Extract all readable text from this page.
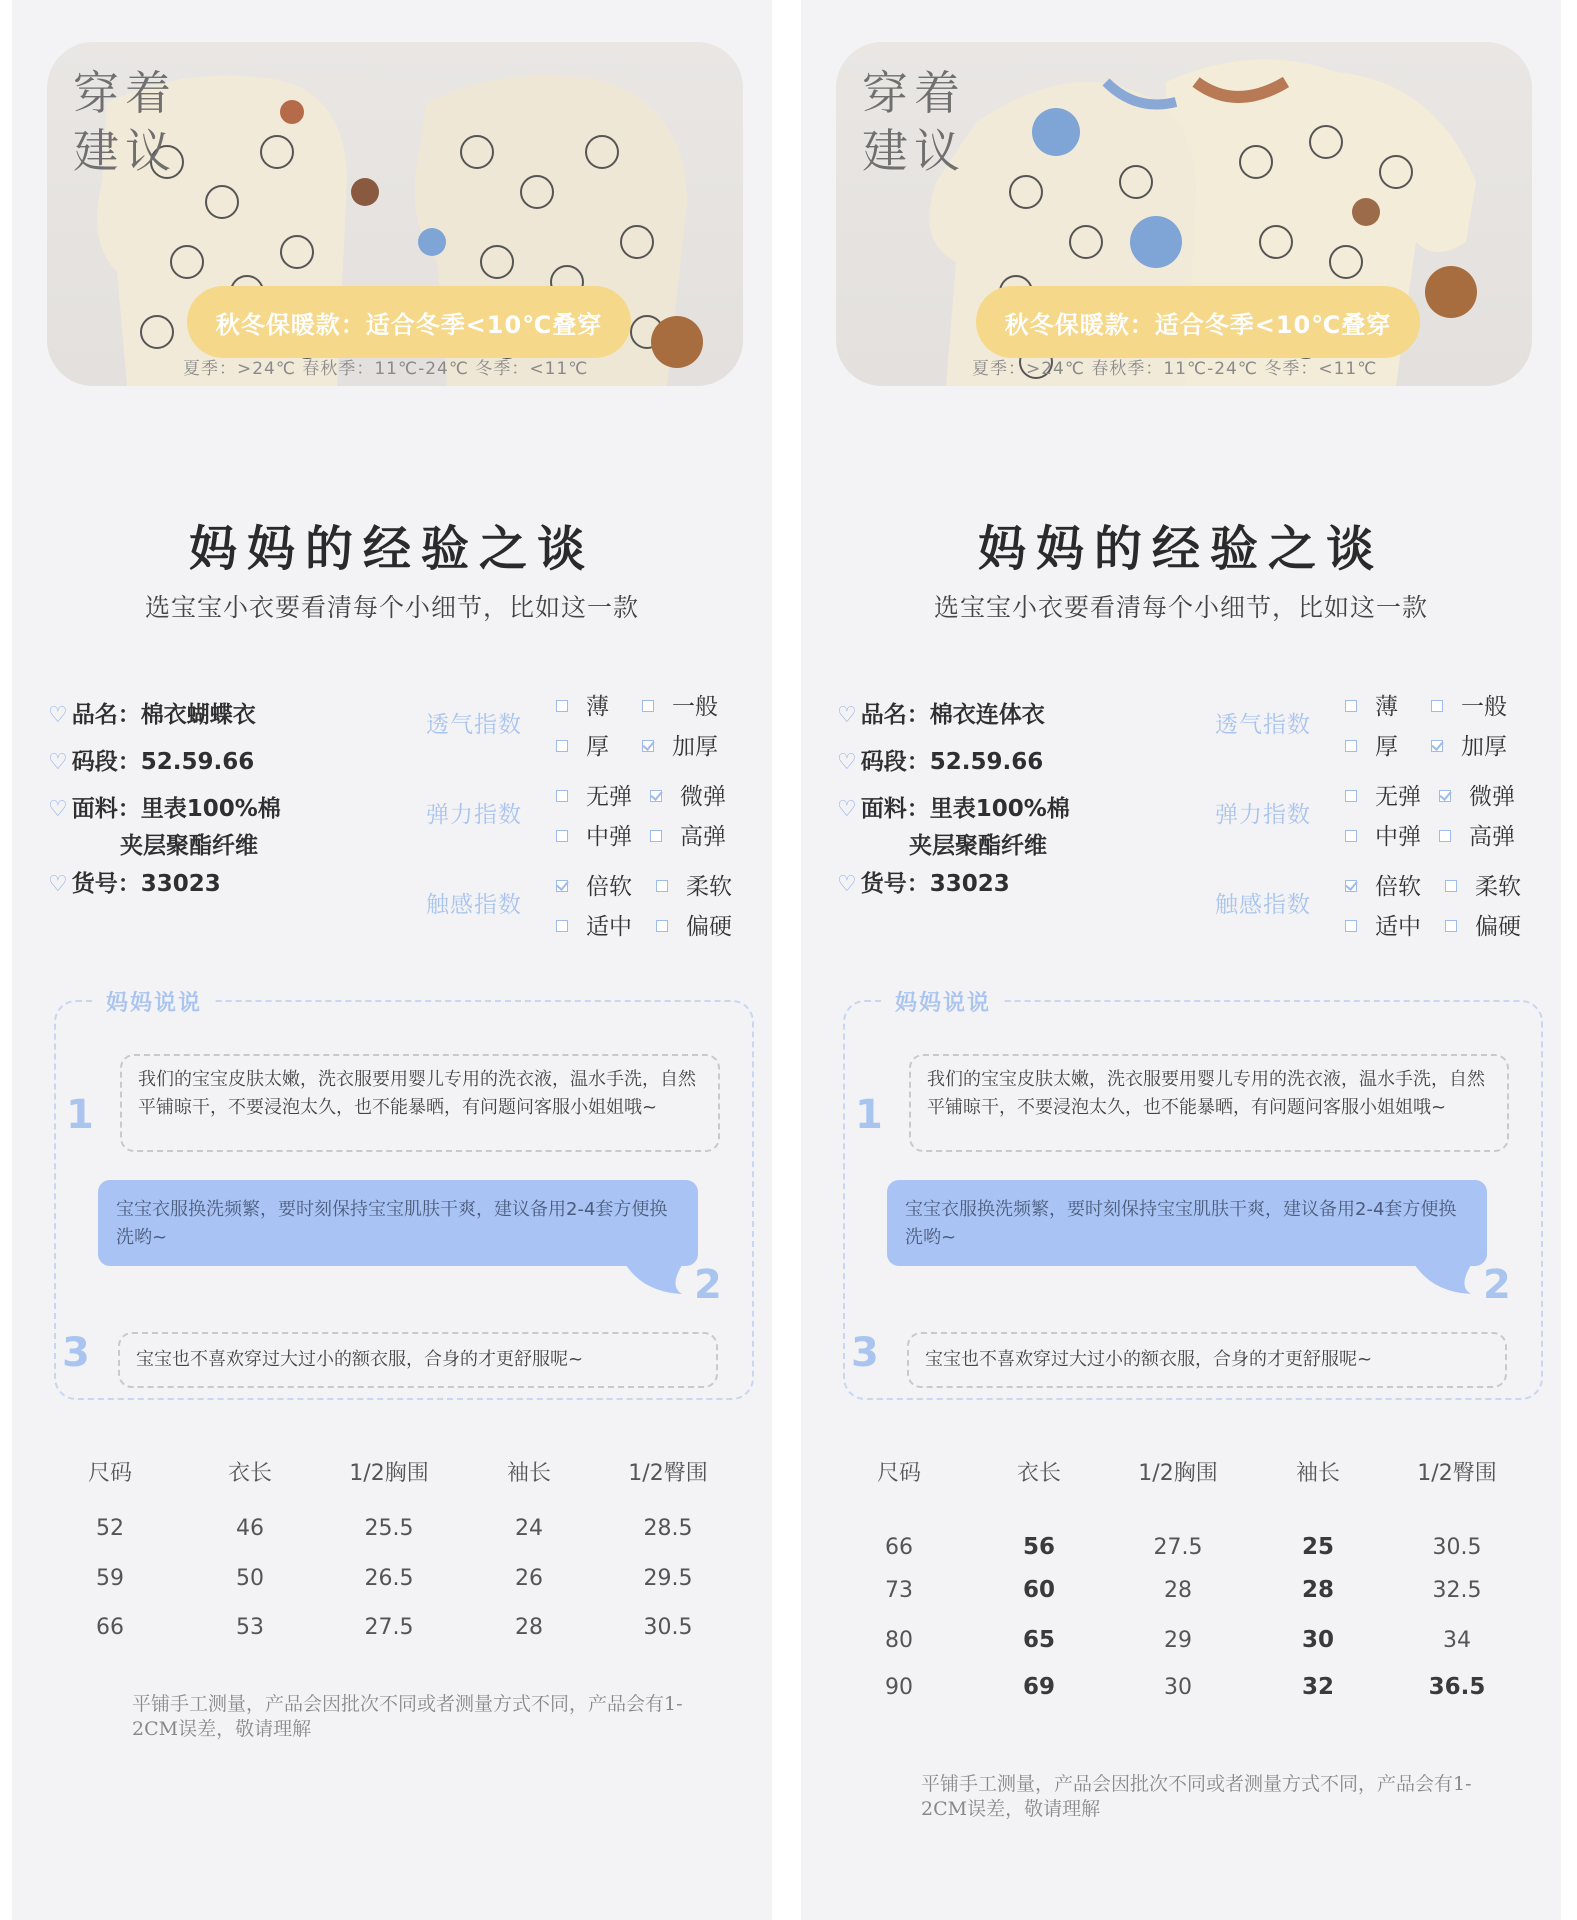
穿着建议
秋冬保暖款：适合冬季<10℃叠穿
夏季：>24℃ 春秋季：11℃-24℃ 冬季：<11℃
妈妈的经验之谈
选宝宝小衣要看清每个小细节，比如这一款
♡ 品名：棉衣蝴蝶衣
♡ 码段：52.59.66
♡ 面料：里表100%棉
夹层聚酯纤维
♡ 货号：33023
透气指数
薄	一般
厚	加厚
弹力指数
无弹	微弹
中弹	高弹
触感指数
倍软	柔软
适中	偏硬
妈妈说说
1
我们的宝宝皮肤太嫩，洗衣服要用婴儿专用的洗衣液，温水手洗，自然平铺晾干，不要浸泡太久，也不能暴晒，有问题问客服小姐姐哦~
宝宝衣服换洗频繁，要时刻保持宝宝肌肤干爽，建议备用2-4套方便换洗哟~
2
3	宝宝也不喜欢穿过大过小的额衣服，合身的才更舒服呢~
尺码	衣长	1/2胸围	袖长	1/2臀围
52	46	25.5	24	28.5
59	50	26.5	26	29.5
66	53	27.5	28	30.5
平铺手工测量，产品会因批次不同或者测量方式不同，产品会有1-2CM误差，敬请理解
穿着建议
秋冬保暖款：适合冬季<10℃叠穿
夏季：>24℃ 春秋季：11℃-24℃ 冬季：<11℃
妈妈的经验之谈
选宝宝小衣要看清每个小细节，比如这一款
♡ 品名：棉衣连体衣
♡ 码段：52.59.66
♡ 面料：里表100%棉
夹层聚酯纤维
♡ 货号：33023
透气指数
薄	一般
厚	加厚
弹力指数
无弹	微弹
中弹	高弹
触感指数
倍软	柔软
适中	偏硬
妈妈说说
1
我们的宝宝皮肤太嫩，洗衣服要用婴儿专用的洗衣液，温水手洗，自然平铺晾干，不要浸泡太久，也不能暴晒，有问题问客服小姐姐哦~
宝宝衣服换洗频繁，要时刻保持宝宝肌肤干爽，建议备用2-4套方便换洗哟~
2
3	宝宝也不喜欢穿过大过小的额衣服，合身的才更舒服呢~
尺码	衣长	1/2胸围	袖长	1/2臀围
66	56	27.5	25	30.5
73	60	28	28	32.5
80	65	29	30	34
90	69	30	32	36.5
平铺手工测量，产品会因批次不同或者测量方式不同，产品会有1-2CM误差，敬请理解
